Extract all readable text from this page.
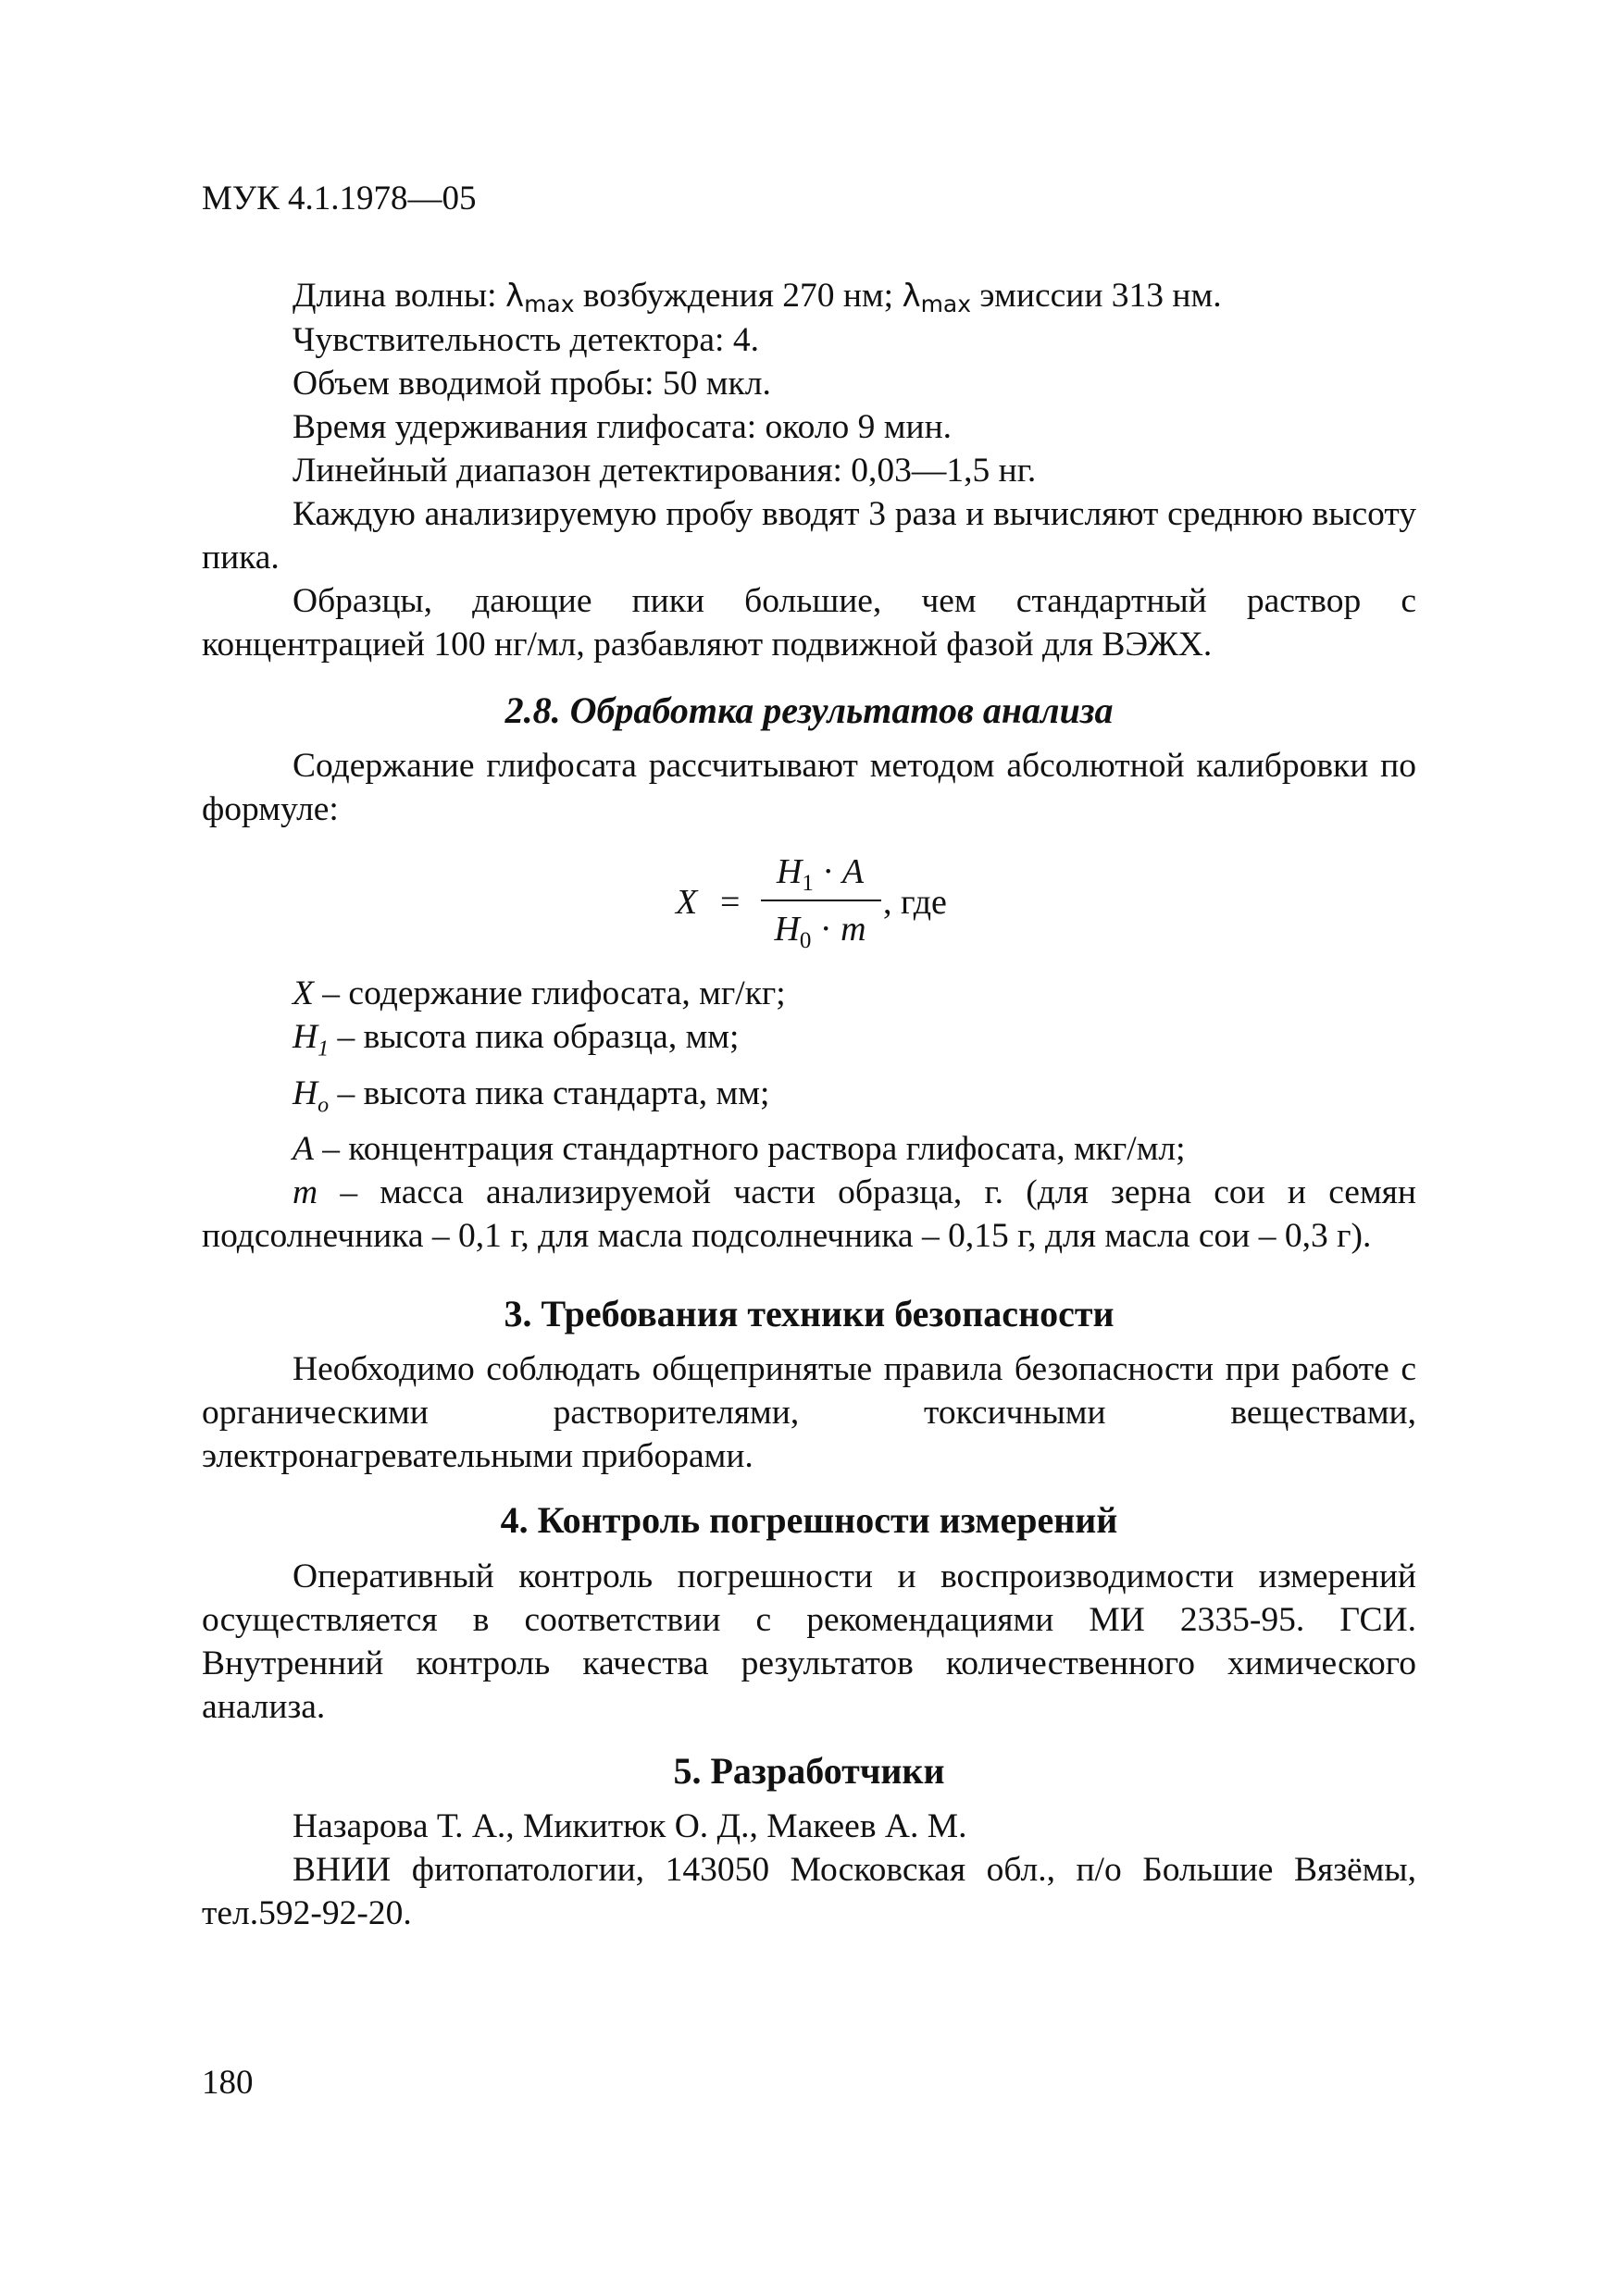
МУК 4.1.1978—05

Длина волны: $\lambda_{max}$ возбуждения 270 нм; $\lambda_{max}$ эмиссии 313 нм.

Чувствительность детектора: 4.

Объем вводимой пробы: 50 мкл.

Время удерживания глифосата: около 9 мин.

Линейный диапазон детектирования: 0,03—1,5 нг.

Каждую анализируемую пробу вводят 3 раза и вычисляют среднюю высоту пика.

Образцы, дающие пики большие, чем стандартный раствор с концентрацией 100 нг/мл, разбавляют подвижной фазой для ВЭЖХ.

2.8. Обработка результатов анализа

Содержание глифосата рассчитывают методом абсолютной калибровки по формуле:

X =
$H_1 \cdot A$
$H_0 \cdot m$
, где

X – содержание глифосата, мг/кг;

$H_1$ – высота пика образца, мм;

$H_o$ – высота пика стандарта, мм;

A – концентрация стандартного раствора глифосата, мкг/мл;

m – масса анализируемой части образца, г. (для зерна сои и семян подсолнечника – 0,1 г, для масла подсолнечника – 0,15 г, для масла сои – 0,3 г).

3. Требования техники безопасности

Необходимо соблюдать общепринятые правила безопасности при работе с органическими растворителями, токсичными веществами, электронагревательными приборами.

4. Контроль погрешности измерений

Оперативный контроль погрешности и воспроизводимости измерений осуществляется в соответствии с рекомендациями МИ 2335-95. ГСИ. Внутренний контроль качества результатов количественного химического анализа.

5. Разработчики

Назарова Т. А., Микитюк О. Д., Макеев А. М.

ВНИИ фитопатологии, 143050 Московская обл., п/о Большие Вязёмы, тел.592-92-20.

180
